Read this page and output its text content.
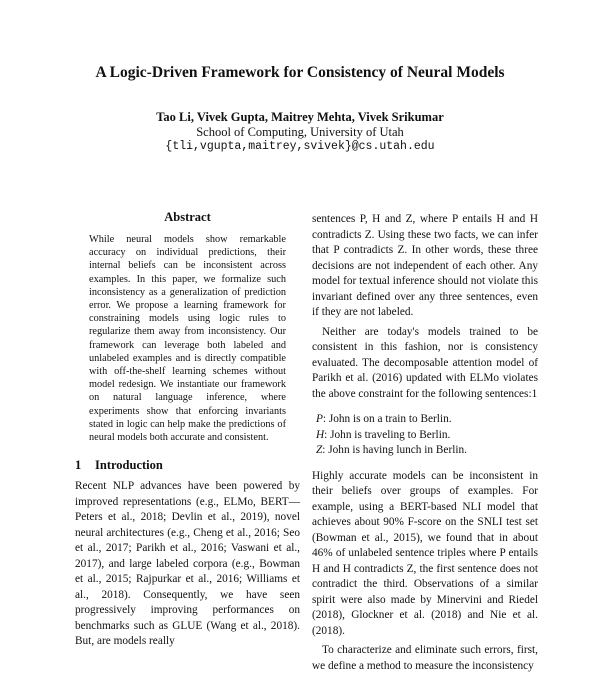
A Logic-Driven Framework for Consistency of Neural Models
Tao Li, Vivek Gupta, Maitrey Mehta, Vivek Srikumar
School of Computing, University of Utah
{tli,vgupta,maitrey,svivek}@cs.utah.edu
Abstract

While neural models show remarkable accuracy on individual predictions, their internal beliefs can be inconsistent across examples. In this paper, we formalize such inconsistency as a generalization of prediction error. We propose a learning framework for constraining models using logic rules to regularize them away from inconsistency. Our framework can leverage both labeled and unlabeled examples and is directly compatible with off-the-shelf learning schemes without model redesign. We instantiate our framework on natural language inference, where experiments show that enforcing invariants stated in logic can help make the predictions of neural models both accurate and consistent.

1 Introduction

Recent NLP advances have been powered by improved representations (e.g., ELMo, BERT— Peters et al., 2018; Devlin et al., 2019), novel neural architectures (e.g., Cheng et al., 2016; Seo et al., 2017; Parikh et al., 2016; Vaswani et al., 2017), and large labeled corpora (e.g., Bowman et al., 2015; Rajpurkar et al., 2016; Williams et al., 2018). Consequently, we have seen progressively improving performances on benchmarks such as GLUE (Wang et al., 2018). But, are models really

sentences P, H and Z, where P entails H and H contradicts Z. Using these two facts, we can infer that P contradicts Z. In other words, these three decisions are not independent of each other. Any model for textual inference should not violate this invariant defined over any three sentences, even if they are not labeled.

Neither are today's models trained to be consistent in this fashion, nor is consistency evaluated. The decomposable attention model of Parikh et al. (2016) updated with ELMo violates the above constraint for the following sentences:1

P: John is on a train to Berlin.
H: John is traveling to Berlin.
Z: John is having lunch in Berlin.

Highly accurate models can be inconsistent in their beliefs over groups of examples. For example, using a BERT-based NLI model that achieves about 90% F-score on the SNLI test set (Bowman et al., 2015), we found that in about 46% of unlabeled sentence triples where P entails H and H contradicts Z, the first sentence does not contradict the third. Observations of a similar spirit were also made by Minervini and Riedel (2018), Glockner et al. (2018) and Nie et al. (2018).

To characterize and eliminate such errors, first, we define a method to measure the inconsistency
